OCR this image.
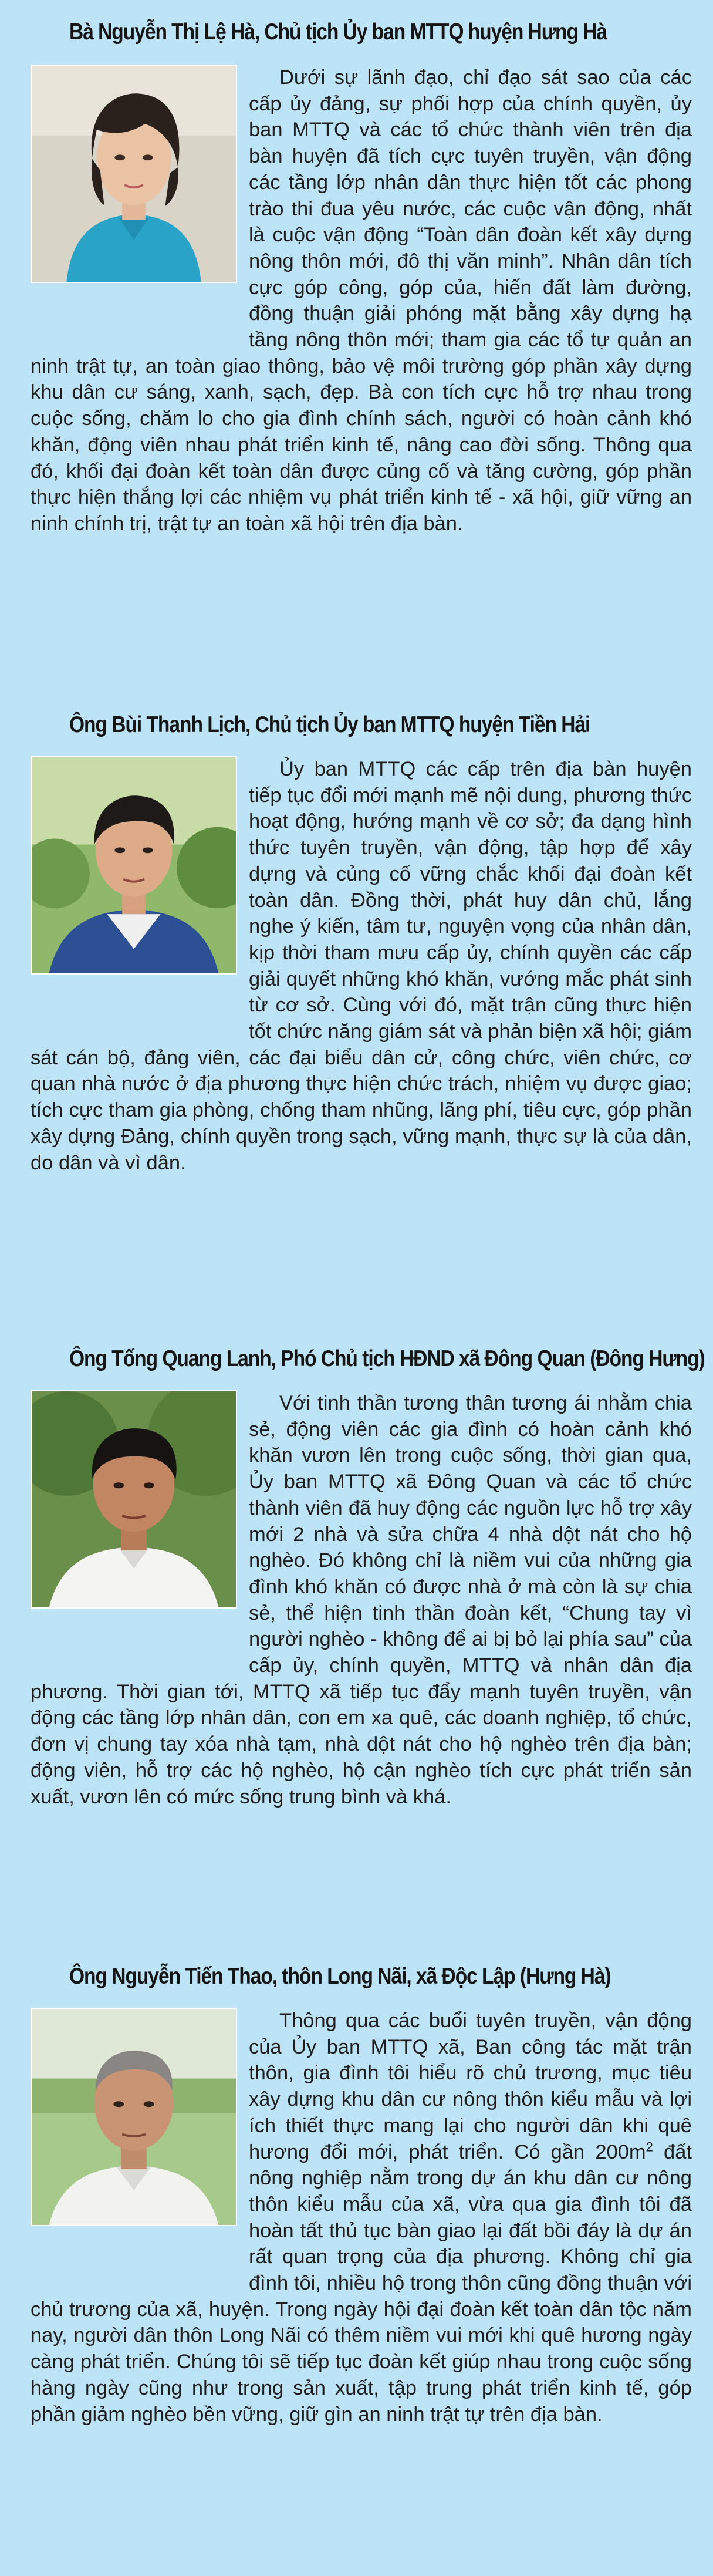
Bà Nguyễn Thị Lệ Hà, Chủ tịch Ủy ban MTTQ huyện Hưng Hà

Dưới sự lãnh đạo, chỉ đạo sát sao của các cấp ủy đảng, sự phối hợp của chính quyền, ủy ban MTTQ và các tổ chức thành viên trên địa bàn huyện đã tích cực tuyên truyền, vận động các tầng lớp nhân dân thực hiện tốt các phong trào thi đua yêu nước, các cuộc vận động, nhất là cuộc vận động “Toàn dân đoàn kết xây dựng nông thôn mới, đô thị văn minh”. Nhân dân tích cực góp công, góp của, hiến đất làm đường, đồng thuận giải phóng mặt bằng xây dựng hạ tầng nông thôn mới; tham gia các tổ tự quản an ninh trật tự, an toàn giao thông, bảo vệ môi trường góp phần xây dựng khu dân cư sáng, xanh, sạch, đẹp. Bà con tích cực hỗ trợ nhau trong cuộc sống, chăm lo cho gia đình chính sách, người có hoàn cảnh khó khăn, động viên nhau phát triển kinh tế, nâng cao đời sống. Thông qua đó, khối đại đoàn kết toàn dân được củng cố và tăng cường, góp phần thực hiện thắng lợi các nhiệm vụ phát triển kinh tế - xã hội, giữ vững an ninh chính trị, trật tự an toàn xã hội trên địa bàn.

Ông Bùi Thanh Lịch, Chủ tịch Ủy ban MTTQ huyện Tiền Hải

Ủy ban MTTQ các cấp trên địa bàn huyện tiếp tục đổi mới mạnh mẽ nội dung, phương thức hoạt động, hướng mạnh về cơ sở; đa dạng hình thức tuyên truyền, vận động, tập hợp để xây dựng và củng cố vững chắc khối đại đoàn kết toàn dân. Đồng thời, phát huy dân chủ, lắng nghe ý kiến, tâm tư, nguyện vọng của nhân dân, kịp thời tham mưu cấp ủy, chính quyền các cấp giải quyết những khó khăn, vướng mắc phát sinh từ cơ sở. Cùng với đó, mặt trận cũng thực hiện tốt chức năng giám sát và phản biện xã hội; giám sát cán bộ, đảng viên, các đại biểu dân cử, công chức, viên chức, cơ quan nhà nước ở địa phương thực hiện chức trách, nhiệm vụ được giao; tích cực tham gia phòng, chống tham nhũng, lãng phí, tiêu cực, góp phần xây dựng Đảng, chính quyền trong sạch, vững mạnh, thực sự là của dân, do dân và vì dân.

Ông Tống Quang Lanh, Phó Chủ tịch HĐND xã Đông Quan (Đông Hưng)

Với tinh thần tương thân tương ái nhằm chia sẻ, động viên các gia đình có hoàn cảnh khó khăn vươn lên trong cuộc sống, thời gian qua, Ủy ban MTTQ xã Đông Quan và các tổ chức thành viên đã huy động các nguồn lực hỗ trợ xây mới 2 nhà và sửa chữa 4 nhà dột nát cho hộ nghèo. Đó không chỉ là niềm vui của những gia đình khó khăn có được nhà ở mà còn là sự chia sẻ, thể hiện tinh thần đoàn kết, “Chung tay vì người nghèo - không để ai bị bỏ lại phía sau” của cấp ủy, chính quyền, MTTQ và nhân dân địa phương. Thời gian tới, MTTQ xã tiếp tục đẩy mạnh tuyên truyền, vận động các tầng lớp nhân dân, con em xa quê, các doanh nghiệp, tổ chức, đơn vị chung tay xóa nhà tạm, nhà dột nát cho hộ nghèo trên địa bàn; động viên, hỗ trợ các hộ nghèo, hộ cận nghèo tích cực phát triển sản xuất, vươn lên có mức sống trung bình và khá.

Ông Nguyễn Tiến Thao, thôn Long Nãi, xã Độc Lập (Hưng Hà)

Thông qua các buổi tuyên truyền, vận động của Ủy ban MTTQ xã, Ban công tác mặt trận thôn, gia đình tôi hiểu rõ chủ trương, mục tiêu xây dựng khu dân cư nông thôn kiểu mẫu và lợi ích thiết thực mang lại cho người dân khi quê hương đổi mới, phát triển. Có gần $200m^2$ đất nông nghiệp nằm trong dự án khu dân cư nông thôn kiểu mẫu của xã, vừa qua gia đình tôi đã hoàn tất thủ tục bàn giao lại đất bồi đáy là dự án rất quan trọng của địa phương. Không chỉ gia đình tôi, nhiều hộ trong thôn cũng đồng thuận với chủ trương của xã, huyện. Trong ngày hội đại đoàn kết toàn dân tộc năm nay, người dân thôn Long Nãi có thêm niềm vui mới khi quê hương ngày càng phát triển. Chúng tôi sẽ tiếp tục đoàn kết giúp nhau trong cuộc sống hàng ngày cũng như trong sản xuất, tập trung phát triển kinh tế, góp phần giảm nghèo bền vững, giữ gìn an ninh trật tự trên địa bàn.
